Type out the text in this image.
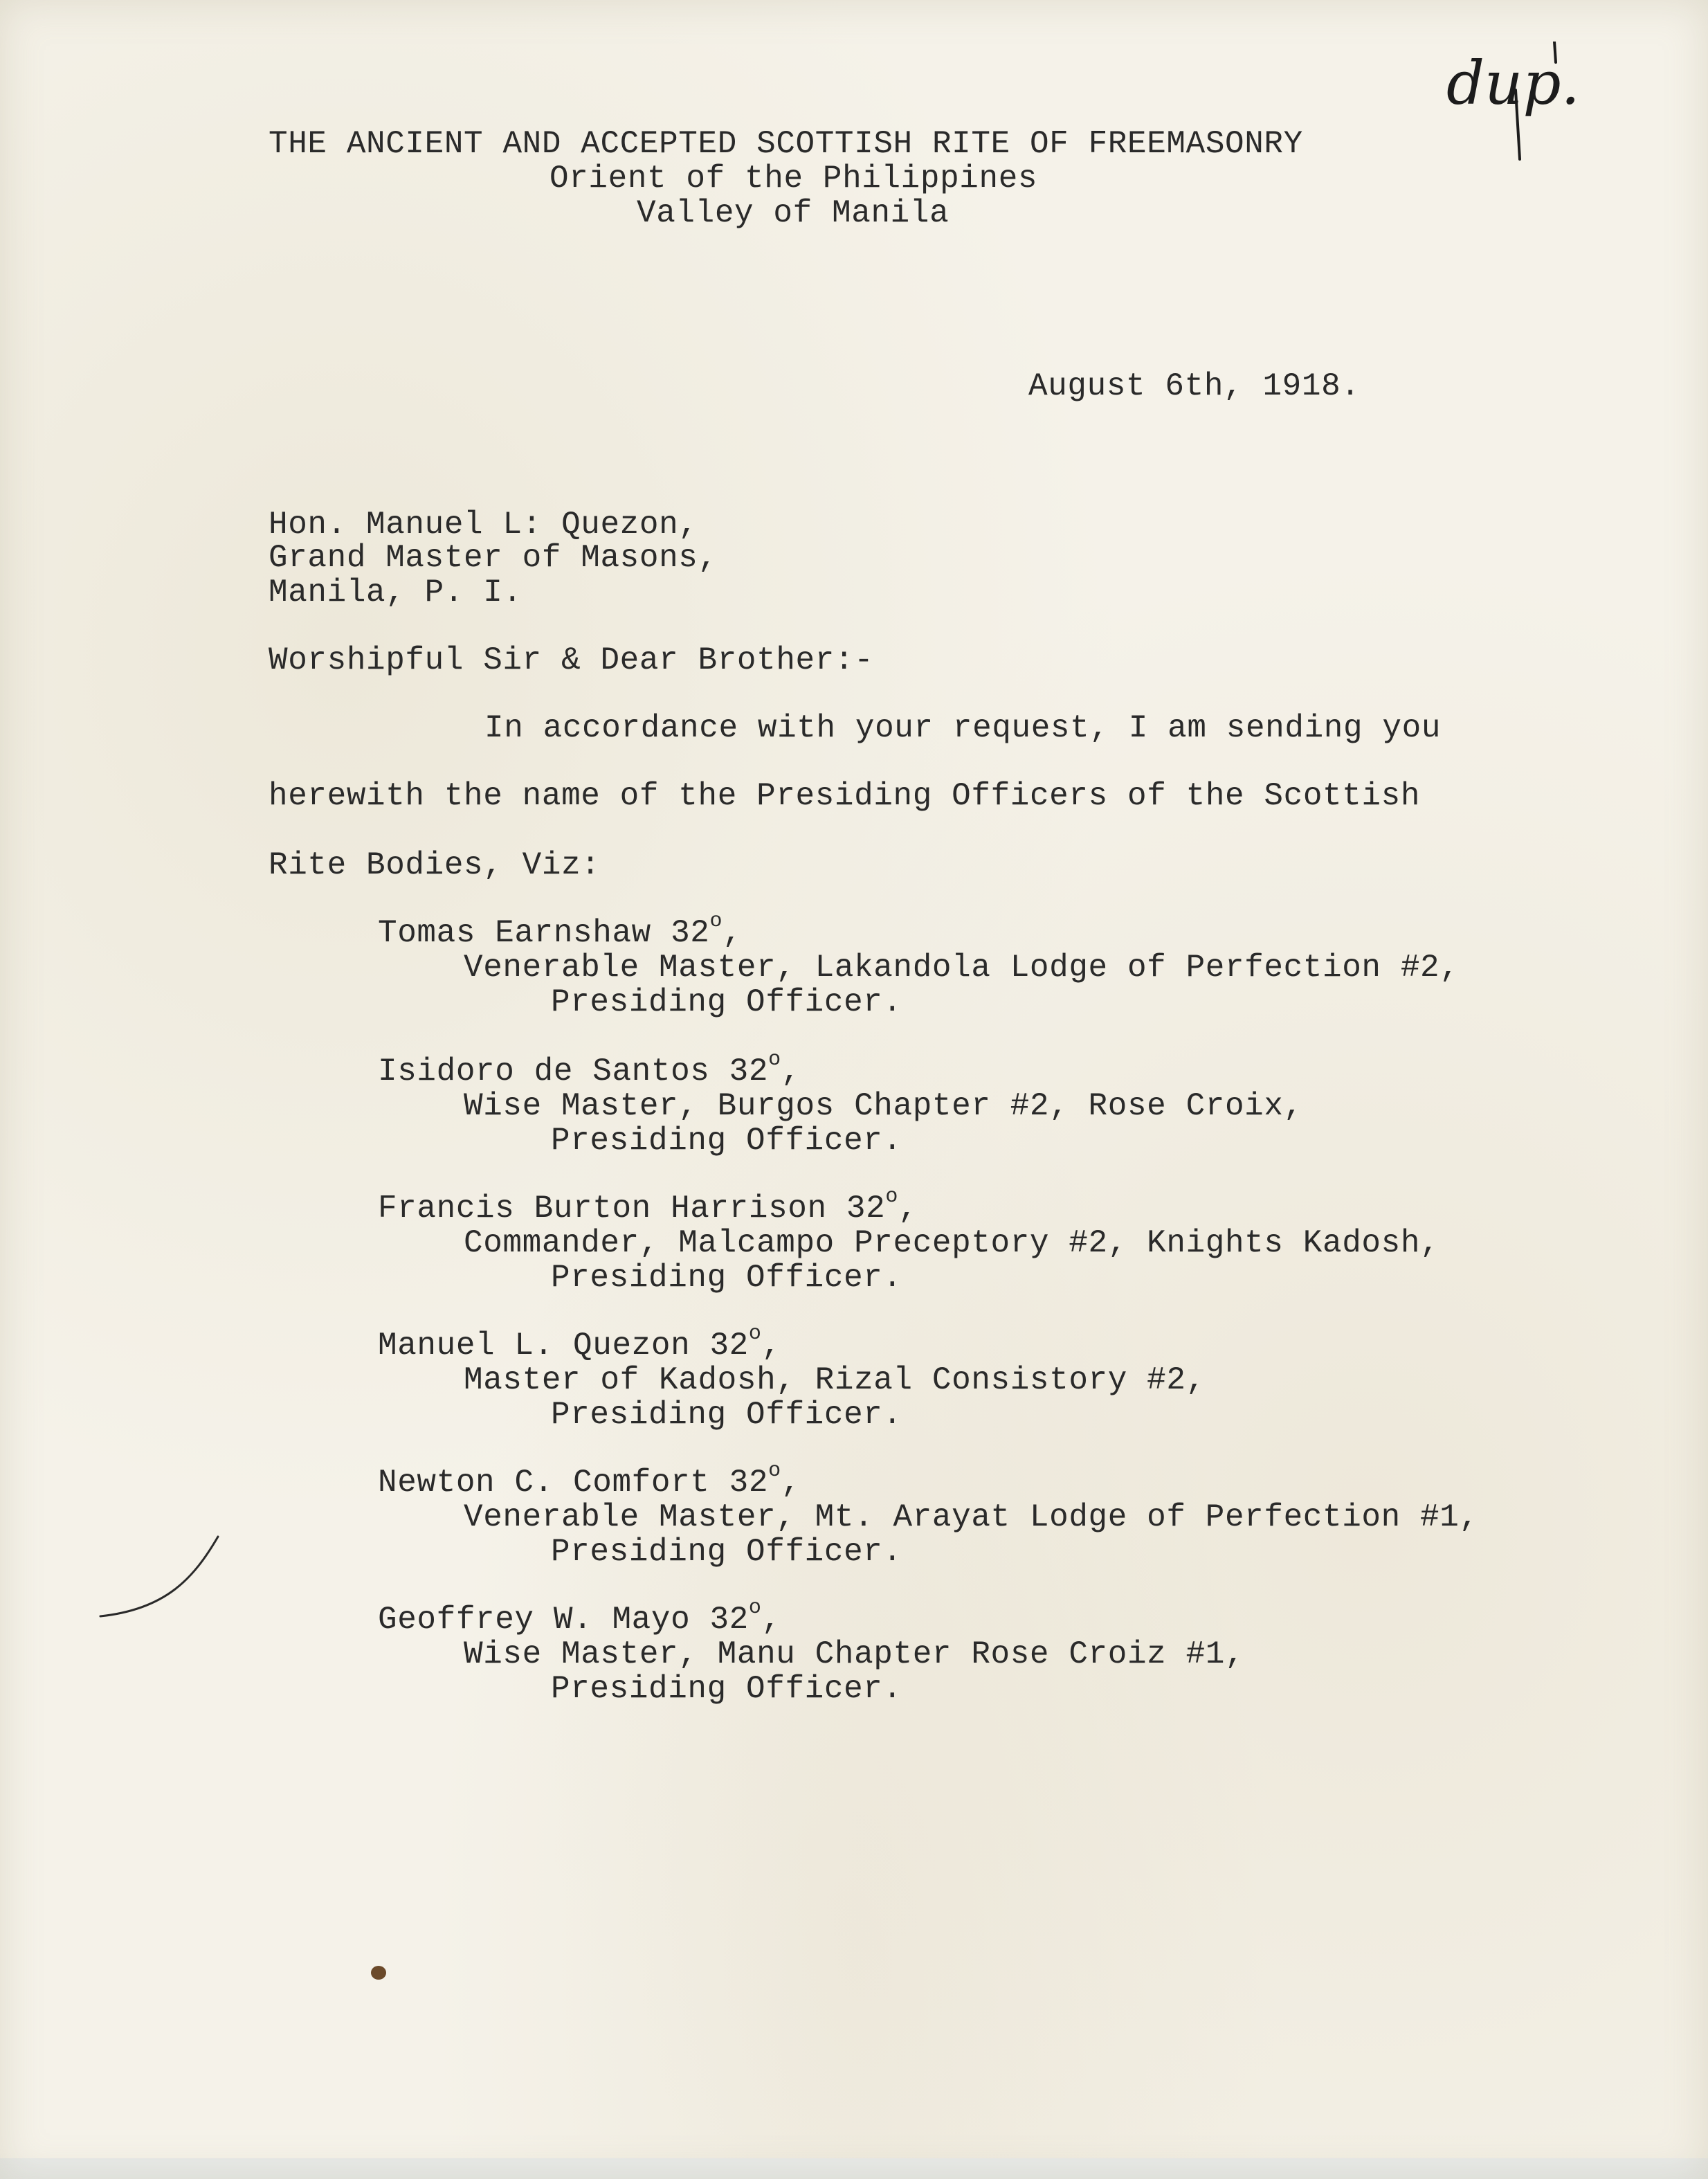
THE ANCIENT AND ACCEPTED SCOTTISH RITE OF FREEMASONRY
Orient of the Philippines
Valley of Manila
dup.
August 6th, 1918.
Hon. Manuel L: Quezon,
Grand Master of Masons,
Manila, P. I.
Worshipful Sir & Dear Brother:-
In accordance with your request, I am sending you
herewith the name of the Presiding Officers of the Scottish
Rite Bodies, Viz:
Tomas Earnshaw 32$^o$,
Venerable Master, Lakandola Lodge of Perfection #2,
Presiding Officer.
Isidoro de Santos 32$^o$,
Wise Master, Burgos Chapter #2, Rose Croix,
Presiding Officer.
Francis Burton Harrison 32$^o$,
Commander, Malcampo Preceptory #2, Knights Kadosh,
Presiding Officer.
Manuel L. Quezon 32$^o$,
Master of Kadosh, Rizal Consistory #2,
Presiding Officer.
Newton C. Comfort 32$^o$,
Venerable Master, Mt. Arayat Lodge of Perfection #1,
Presiding Officer.
Geoffrey W. Mayo 32$^o$,
Wise Master, Manu Chapter Rose Croiz #1,
Presiding Officer.
